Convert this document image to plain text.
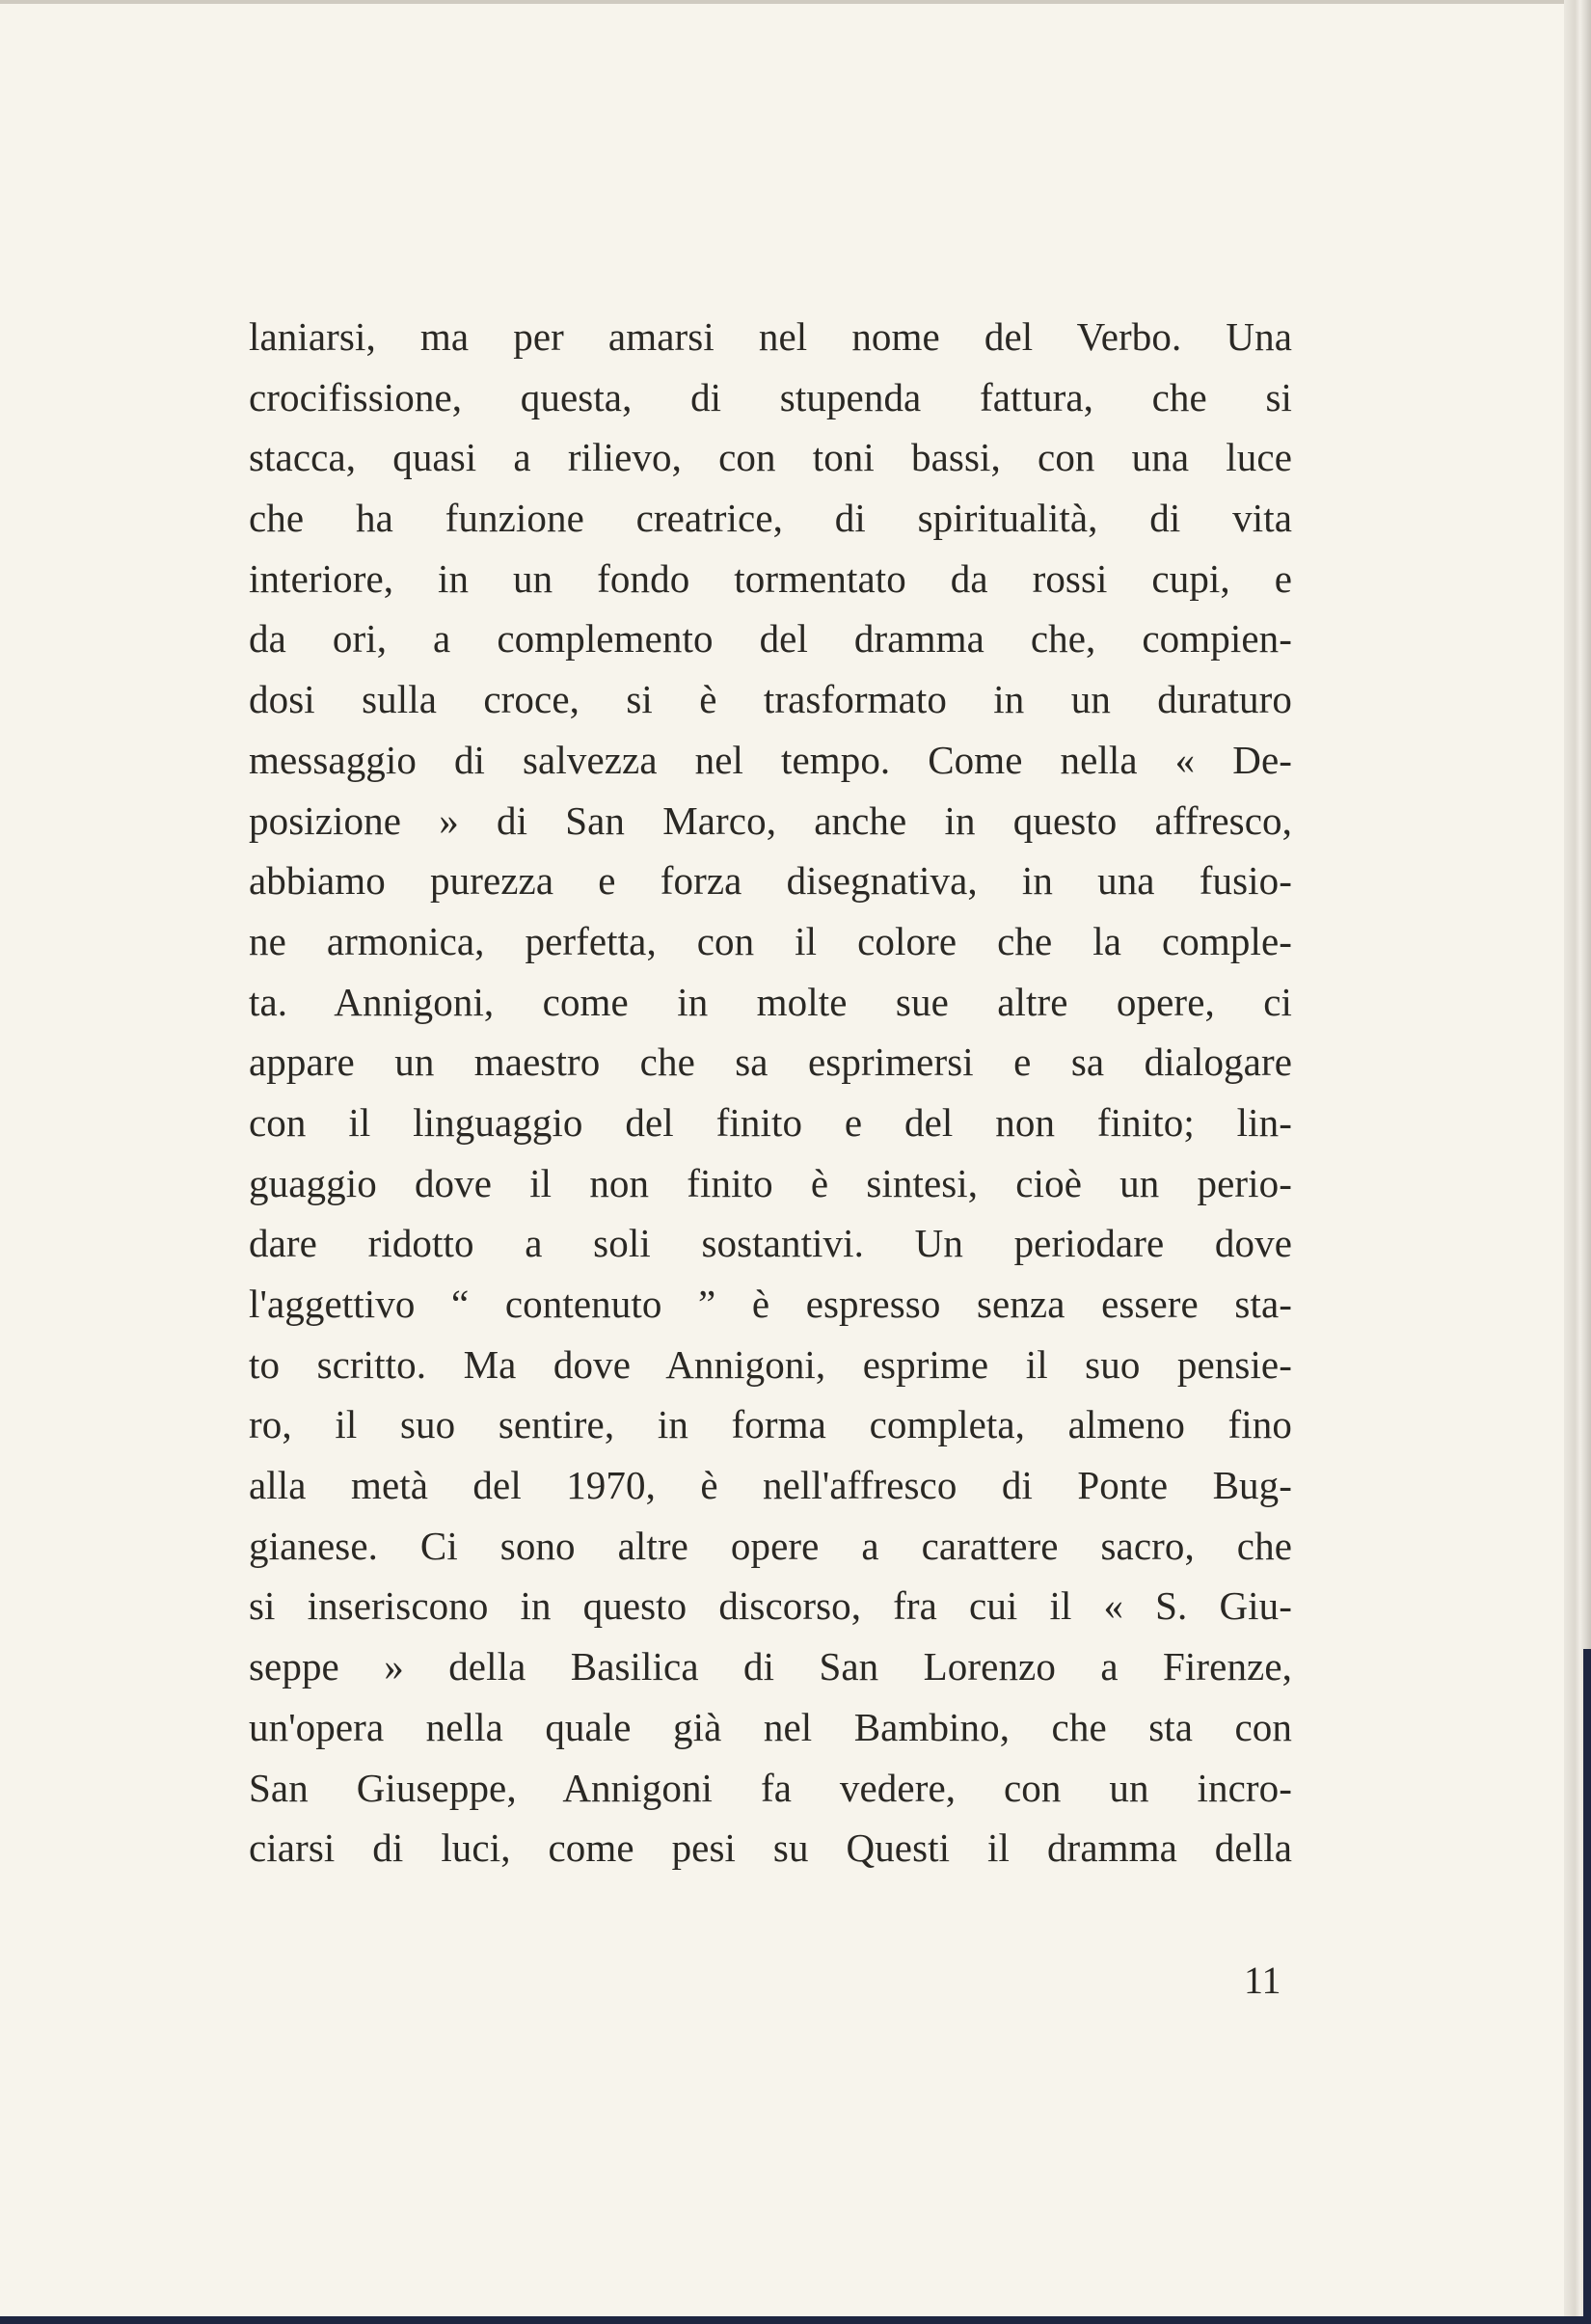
laniarsi, ma per amarsi nel nome del Verbo. Una
crocifissione, questa, di stupenda fattura, che si
stacca, quasi a rilievo, con toni bassi, con una luce
che ha funzione creatrice, di spiritualità, di vita
interiore, in un fondo tormentato da rossi cupi, e
da ori, a complemento del dramma che, compien-
dosi sulla croce, si è trasformato in un duraturo
messaggio di salvezza nel tempo. Come nella « De-
posizione » di San Marco, anche in questo affresco,
abbiamo purezza e forza disegnativa, in una fusio-
ne armonica, perfetta, con il colore che la comple-
ta. Annigoni, come in molte sue altre opere, ci
appare un maestro che sa esprimersi e sa dialogare
con il linguaggio del finito e del non finito; lin-
guaggio dove il non finito è sintesi, cioè un perio-
dare ridotto a soli sostantivi. Un periodare dove
l'aggettivo “ contenuto ” è espresso senza essere sta-
to scritto. Ma dove Annigoni, esprime il suo pensie-
ro, il suo sentire, in forma completa, almeno fino
alla metà del 1970, è nell'affresco di Ponte Bug-
gianese. Ci sono altre opere a carattere sacro, che
si inseriscono in questo discorso, fra cui il « S. Giu-
seppe » della Basilica di San Lorenzo a Firenze,
un'opera nella quale già nel Bambino, che sta con
San Giuseppe, Annigoni fa vedere, con un incro-
ciarsi di luci, come pesi su Questi il dramma della
11
